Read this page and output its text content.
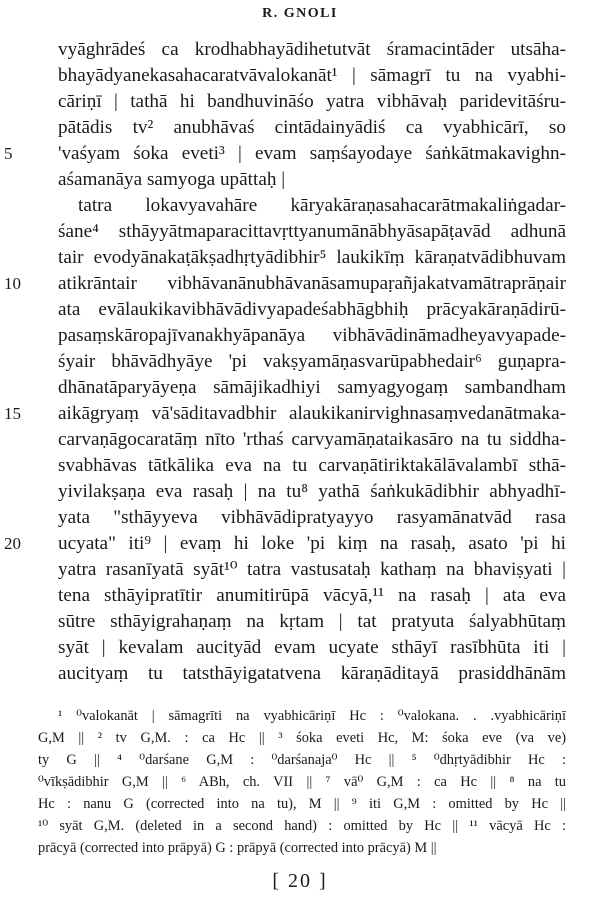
R. GNOLI
vyāghrādeś ca krodhabhayādihetutvāt śramacintāder utsāha-
bhayādyanekasahacaratvāvalokanāt¹ | sāmagrī tu na vyabhi-
cāriṇī | tathā hi bandhuvināśo yatra vibhāvaḥ paridevitāśru-
pātādis tv² anubhāvaś cintādainyādiś ca vyabhicārī, so
5	'vaśyam śoka eveti³ | evam saṃśayodaye śaṅkātmakavighn-
aśamanāya samyoga upāttaḥ |
tatra lokavyavahāre kāryakāraṇasahacarātmakaliṅgadar-
śane⁴ sthāyyātmaparacittavṛttyanumānābhyāsapāṭavād adhunā
tair evodyānakaṭākṣadhṛtyādibhir⁵ laukikīṃ kāraṇatvādibhuvam
10	atikrāntair vibhāvanānubhāvanāsamupaṛañjakatvamātraprāṇair
ata evālaukikavibhāvādivyapadeśabhāgbhiḥ prācyakāraṇādirū-
pasaṃskāropajīvanakhyāpanāya vibhāvādināmadheyavyapade-
śyair bhāvādhyāye 'pi vakṣyamāṇasvarūpabhedair⁶ guṇapra-
dhānatāparyāyeṇa sāmājikadhiyi samyagyogaṃ sambandham
15	aikāgryaṃ vā'sāditavadbhir alaukikanirvighnasaṃvedanātmaka-
carvaṇāgocaratāṃ nīto 'rthaś carvyamāṇataikasāro na tu siddha-
svabhāvas tātkālika eva na tu carvaṇātiriktakālāvalambī sthā-
yivilakṣaṇa eva rasaḥ | na tu⁸ yathā śaṅkukādibhir abhyadhī-
yata "sthāyyeva vibhāvādipratyayyo rasyamānatvād rasa
20	ucyata" iti⁹ | evaṃ hi loke 'pi kiṃ na rasaḥ, asato 'pi hi
yatra rasanīyatā syāt¹⁰ tatra vastusataḥ kathaṃ na bhaviṣyati |
tena sthāyipratītir anumitirūpā vācyā,¹¹ na rasaḥ | ata eva
sūtre sthāyigrahaṇaṃ na kṛtam | tat pratyuta śalyabhūtaṃ
syāt | kevalam aucityād evam ucyate sthāyī rasībhūta iti |
aucityaṃ tu tatsthāyigatatvena kāraṇāditayā prasiddhānām
¹ ⁰valokanāt | sāmagrīti na vyabhicāriṇī Hc : ⁰valokana. . .vyabhicāriṇī
G,M || ² tv G,M. : ca Hc || ³ śoka eveti Hc, M: śoka eve (va ve)
ty G || ⁴ ⁰darśane G,M : ⁰darśanaja⁰ Hc || ⁵ ⁰dhṛtyādibhir Hc :
⁰vīkṣādibhir G,M || ⁶ ABh, ch. VII || ⁷ vā⁰ G,M : ca Hc || ⁸ na tu
Hc : nanu G (corrected into na tu), M || ⁹ iti G,M : omitted by Hc ||
¹⁰ syāt G,M. (deleted in a second hand) : omitted by Hc || ¹¹ vācyā Hc :
prācyā (corrected into prāpyā) G : prāpyā (corrected into prācyā) M ||
[ 20 ]
